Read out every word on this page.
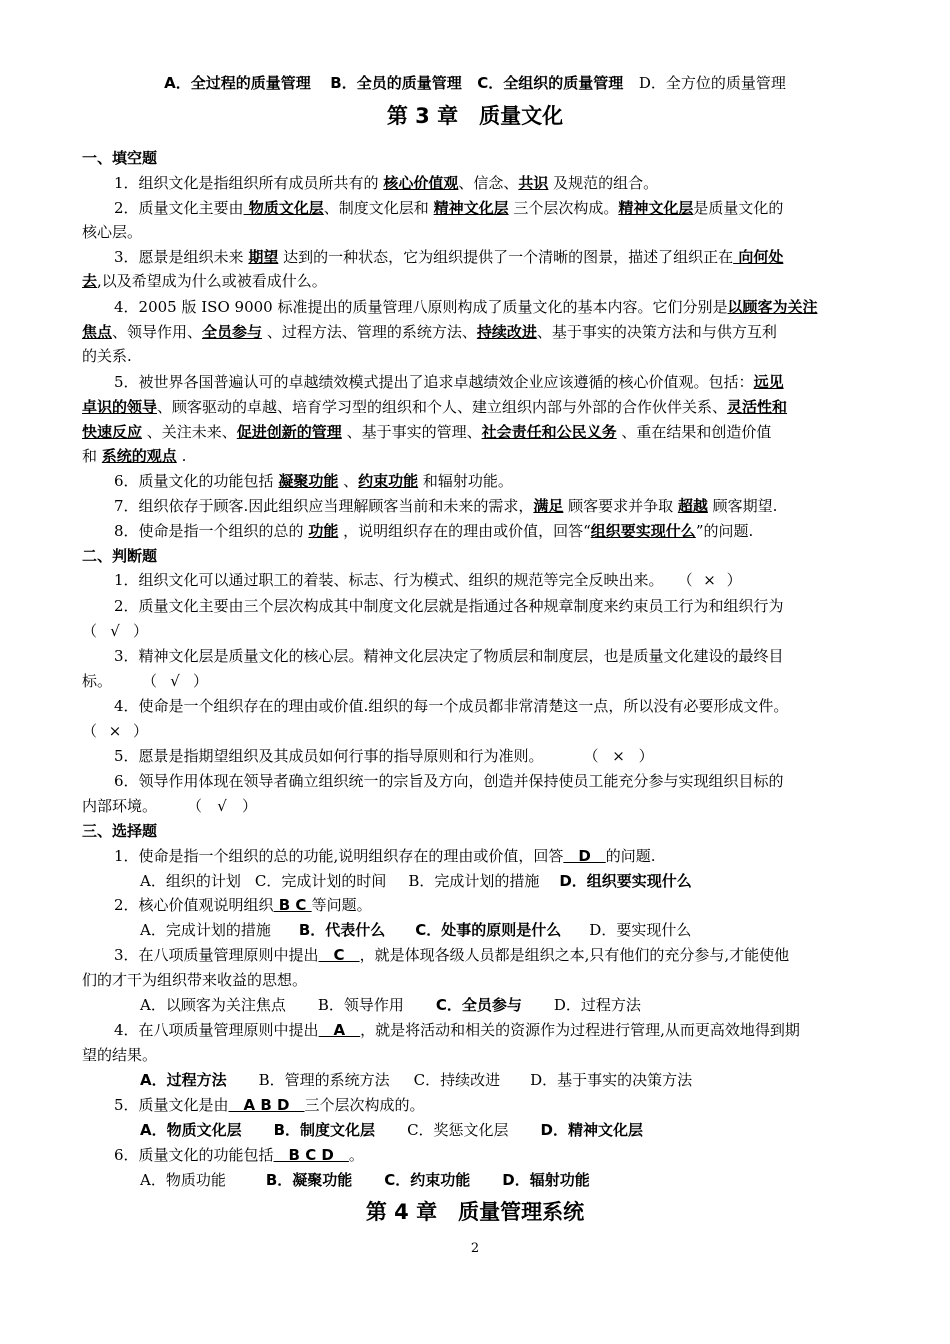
A．全过程的质量管理 B．全员的质量管理 C．全组织的质量管理 D．全方位的质量管理
第 3 章　质量文化
一、填空题
1．组织文化是指组织所有成员所共有的 核心价值观、信念、共识 及规范的组合。
2．质量文化主要由 物质文化层、制度文化层和 精神文化层 三个层次构成。精神文化层是质量文化的
核心层。
3．愿景是组织未来 期望 达到的一种状态，它为组织提供了一个清晰的图景，描述了组织正在 向何处
去,以及希望成为什么或被看成什么。
4．2005 版 ISO 9000 标准提出的质量管理八原则构成了质量文化的基本内容。它们分别是以顾客为关注
焦点、领导作用、全员参与 、过程方法、管理的系统方法、持续改进、基于事实的决策方法和与供方互利
的关系.
5．被世界各国普遍认可的卓越绩效模式提出了追求卓越绩效企业应该遵循的核心价值观。包括：远见
卓识的领导、顾客驱动的卓越、培育学习型的组织和个人、建立组织内部与外部的合作伙伴关系、灵活性和
快速反应 、关注未来、促进创新的管理 、基于事实的管理、社会责任和公民义务 、重在结果和创造价值
和 系统的观点 .
6．质量文化的功能包括 凝聚功能 、约束功能 和辐射功能。
7．组织依存于顾客.因此组织应当理解顾客当前和未来的需求，满足 顾客要求并争取 超越 顾客期望.
8．使命是指一个组织的总的 功能 ，说明组织存在的理由或价值，回答“组织要实现什么”的问题.
二、判断题
1．组织文化可以通过职工的着装、标志、行为模式、组织的规范等完全反映出来。 （ × ）
2．质量文化主要由三个层次构成其中制度文化层就是指通过各种规章制度来约束员工行为和组织行为
（ √ ）
3．精神文化层是质量文化的核心层。精神文化层决定了物质层和制度层，也是质量文化建设的最终目
标。 （ √ ）
4．使命是一个组织存在的理由或价值.组织的每一个成员都非常清楚这一点，所以没有必要形成文件。
（ × ）
5．愿景是指期望组织及其成员如何行事的指导原则和行为准则。	（ × ）
6．领导作用体现在领导者确立组织统一的宗旨及方向，创造并保持使员工能充分参与实现组织目标的
内部环境。 （ √ ）
三、选择题
1．使命是指一个组织的总的功能,说明组织存在的理由或价值，回答　D　的问题.
A．组织的计划 C．完成计划的时间 B．完成计划的措施 D．组织要实现什么
2．核心价值观说明组织 B C 等问题。
A．完成计划的措施 B．代表什么 C．处事的原则是什么 D．要实现什么
3．在八项质量管理原则中提出　C　，就是体现各级人员都是组织之本,只有他们的充分参与,才能使他
们的才干为组织带来收益的思想。
A．以顾客为关注焦点 B．领导作用 C．全员参与 D．过程方法
4．在八项质量管理原则中提出　A　，就是将活动和相关的资源作为过程进行管理,从而更高效地得到期
望的结果。
A．过程方法 B．管理的系统方法 C．持续改进 D．基于事实的决策方法
5．质量文化是由　A B D　三个层次构成的。
A．物质文化层 B．制度文化层 C．奖惩文化层 D．精神文化层
6．质量文化的功能包括　B C D　。
A．物质功能	B．凝聚功能 C．约束功能 D．辐射功能
第 4 章　质量管理系统
2
